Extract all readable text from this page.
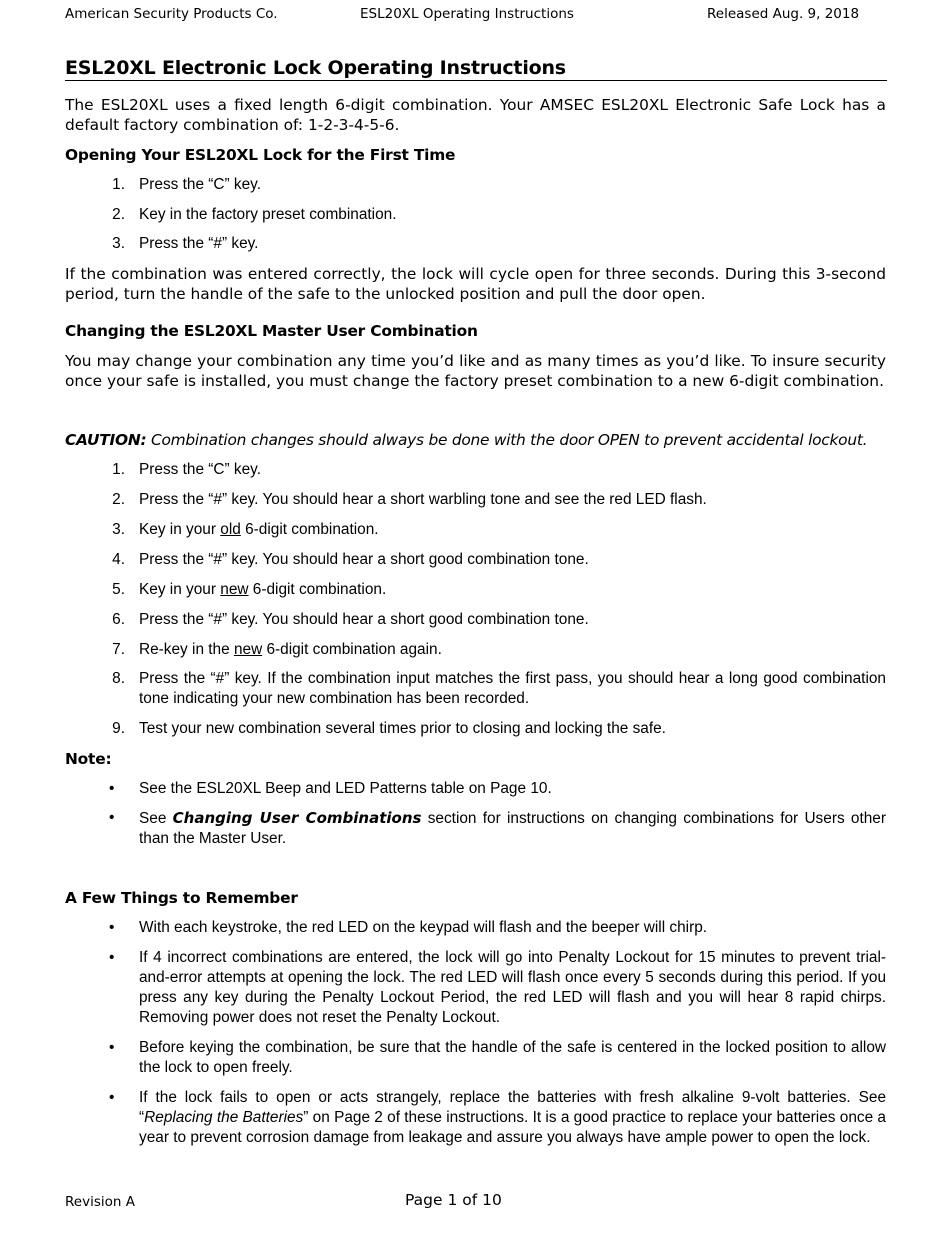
American Security Products Co.	ESL20XL Operating Instructions	Released Aug. 9, 2018
ESL20XL Electronic Lock Operating Instructions

The ESL20XL uses a fixed length 6-digit combination. Your AMSEC ESL20XL Electronic Safe Lock has a default factory combination of: 1-2-3-4-5-6.

Opening Your ESL20XL Lock for the First Time
1. Press the “C” key.
2. Key in the factory preset combination.
3. Press the “#” key.

If the combination was entered correctly, the lock will cycle open for three seconds. During this 3-second period, turn the handle of the safe to the unlocked position and pull the door open.

Changing the ESL20XL Master User Combination

You may change your combination any time you’d like and as many times as you’d like. To insure security once your safe is installed, you must change the factory preset combination to a new 6-digit combination.

CAUTION: Combination changes should always be done with the door OPEN to prevent accidental lockout.

1. Press the “C” key.
2. Press the “#” key. You should hear a short warbling tone and see the red LED flash.
3. Key in your old 6-digit combination.
4. Press the “#” key. You should hear a short good combination tone.
5. Key in your new 6-digit combination.
6. Press the “#” key. You should hear a short good combination tone.
7. Re-key in the new 6-digit combination again.
8. Press the “#” key. If the combination input matches the first pass, you should hear a long good combination tone indicating your new combination has been recorded.
9. Test your new combination several times prior to closing and locking the safe.
Note:
• See the ESL20XL Beep and LED Patterns table on Page 10.
• See Changing User Combinations section for instructions on changing combinations for Users other than the Master User.
A Few Things to Remember
• With each keystroke, the red LED on the keypad will flash and the beeper will chirp.
• If 4 incorrect combinations are entered, the lock will go into Penalty Lockout for 15 minutes to prevent trial-and-error attempts at opening the lock. The red LED will flash once every 5 seconds during this period. If you press any key during the Penalty Lockout Period, the red LED will flash and you will hear 8 rapid chirps. Removing power does not reset the Penalty Lockout.
• Before keying the combination, be sure that the handle of the safe is centered in the locked position to allow the lock to open freely.
• If the lock fails to open or acts strangely, replace the batteries with fresh alkaline 9-volt batteries. See “Replacing the Batteries” on Page 2 of these instructions. It is a good practice to replace your batteries once a year to prevent corrosion damage from leakage and assure you always have ample power to open the lock.
Revision A	Page 1 of 10
